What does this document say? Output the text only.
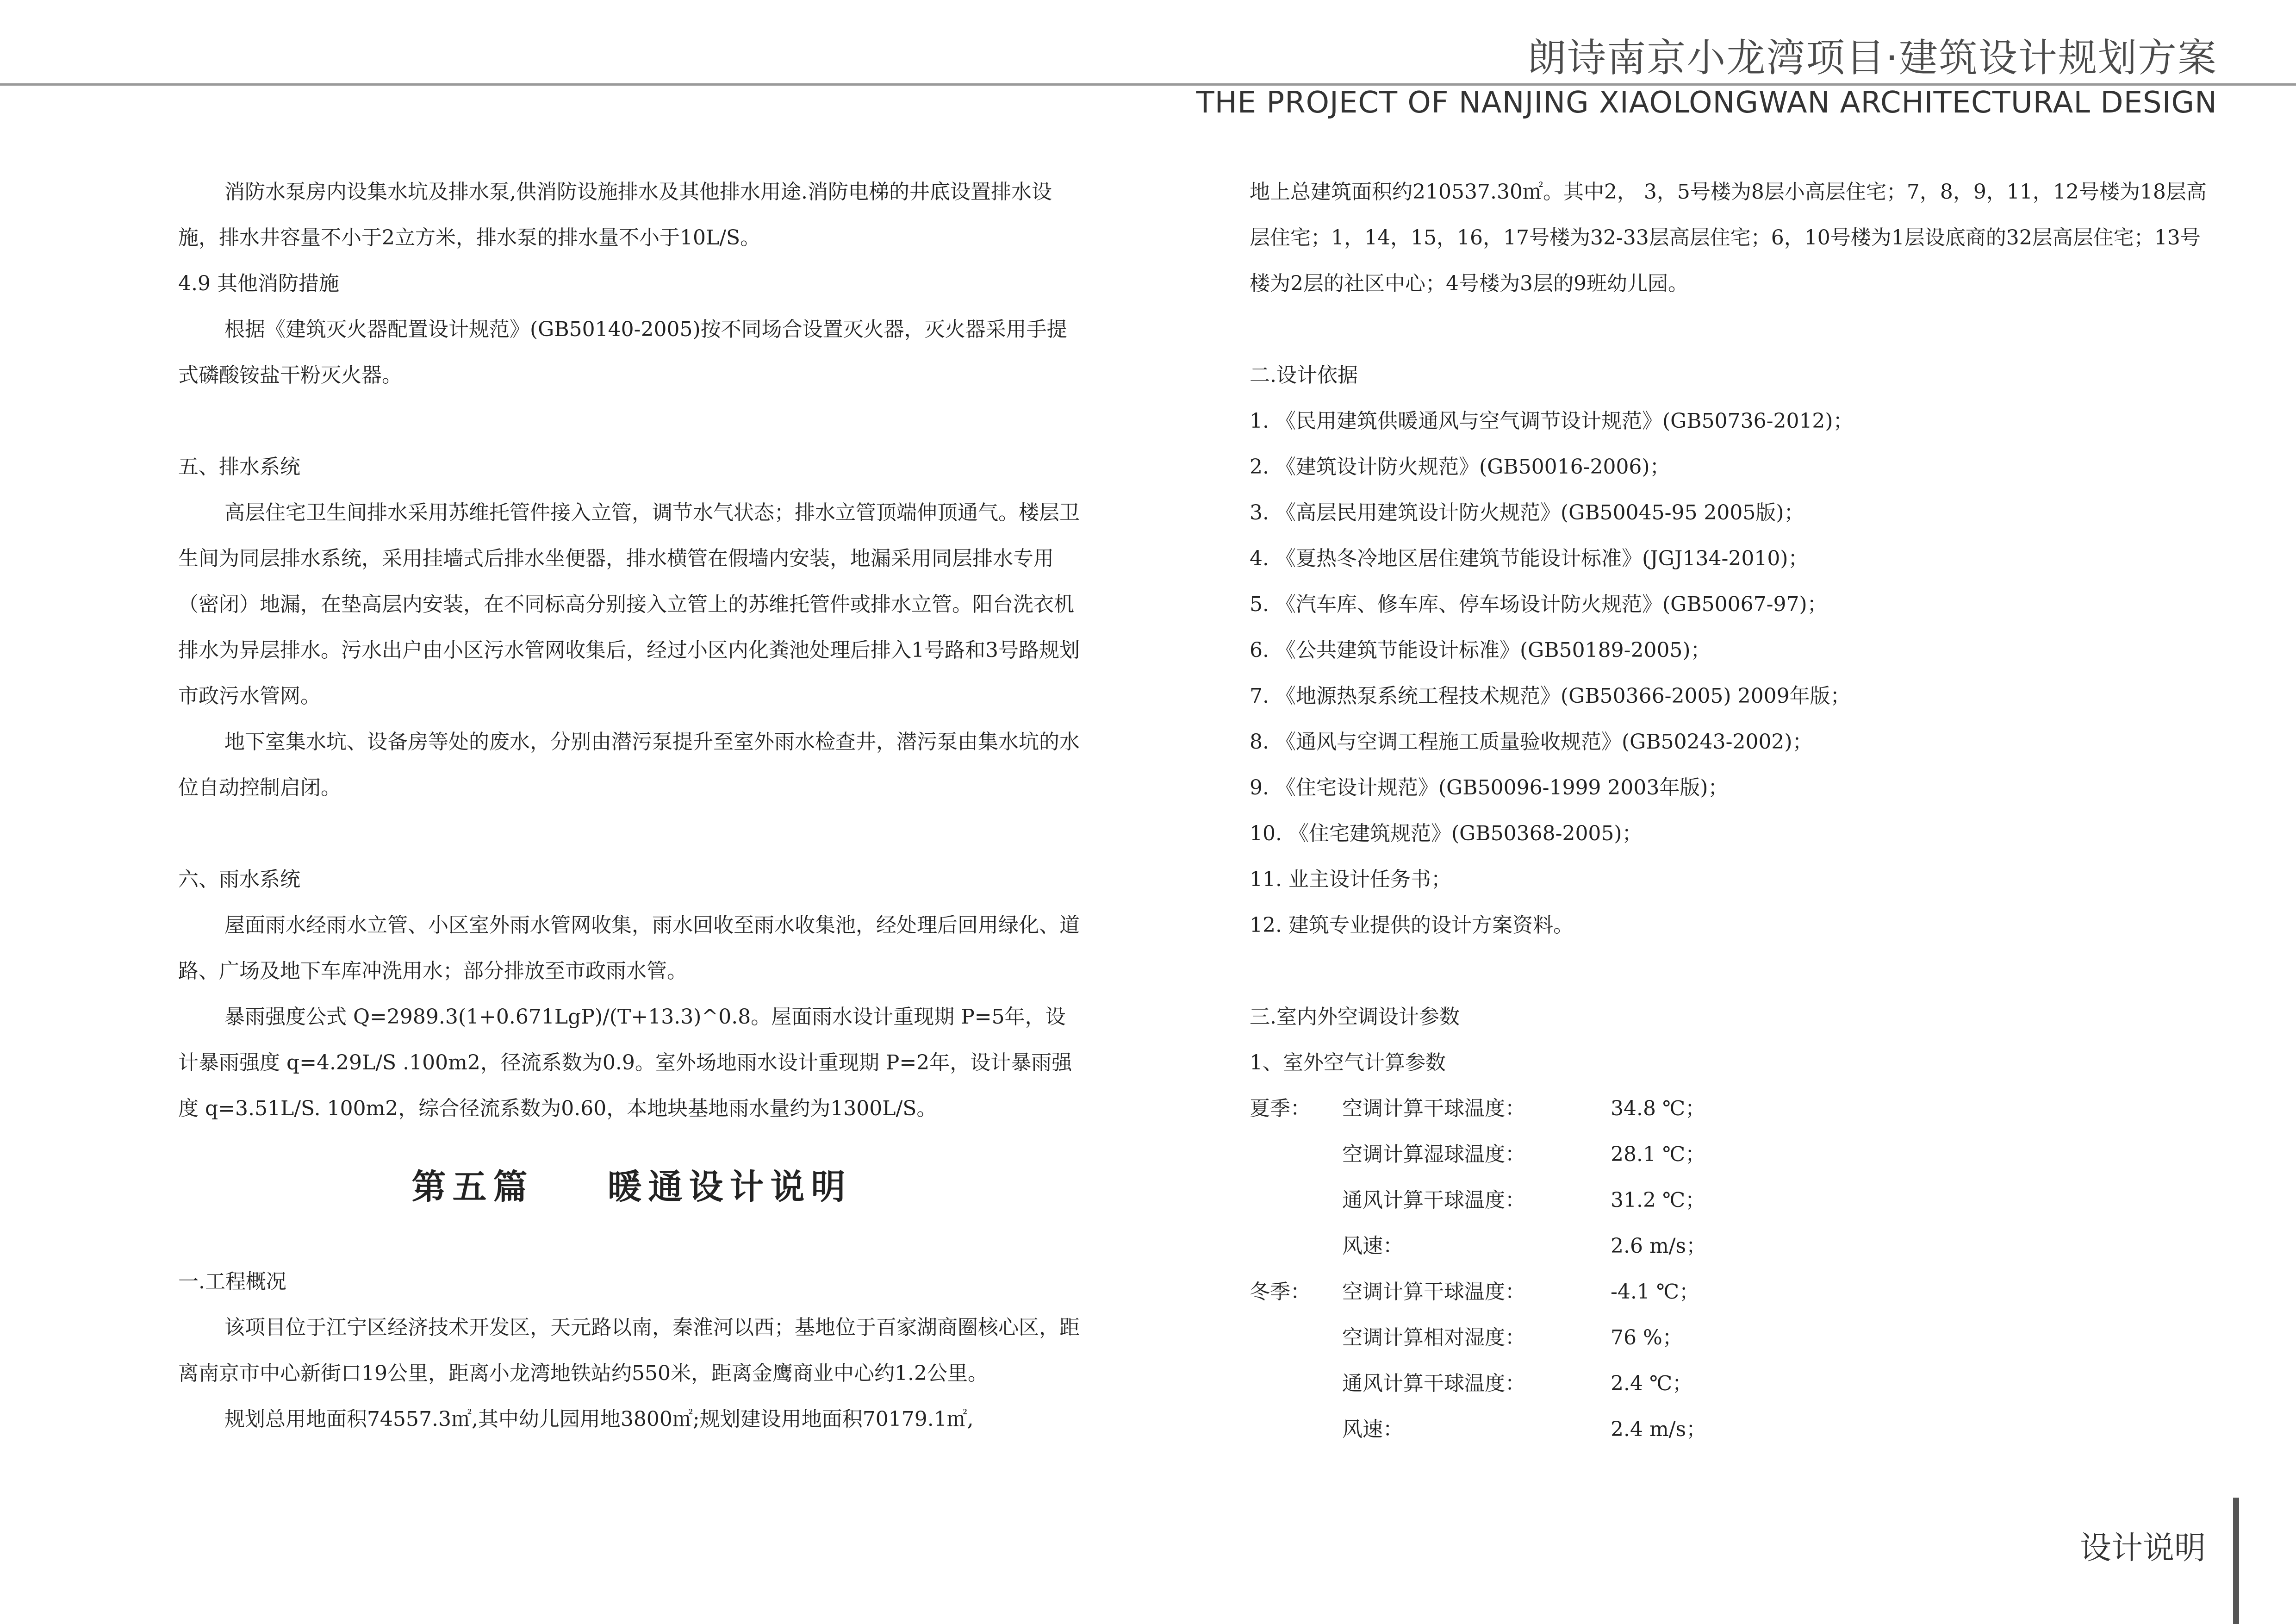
朗诗南京小龙湾项目·建筑设计规划方案
THE PROJECT OF NANJING XIAOLONGWAN ARCHITECTURAL DESIGN

消防水泵房内设集水坑及排水泵,供消防设施排水及其他排水用途.消防电梯的井底设置排水设施，排水井容量不小于2立方米，排水泵的排水量不小于10L/S。

4.9 其他消防措施

根据《建筑灭火器配置设计规范》(GB50140-2005)按不同场合设置灭火器，灭火器采用手提式磷酸铵盐干粉灭火器。

五、排水系统

高层住宅卫生间排水采用苏维托管件接入立管，调节水气状态；排水立管顶端伸顶通气。楼层卫生间为同层排水系统，采用挂墙式后排水坐便器，排水横管在假墙内安装，地漏采用同层排水专用（密闭）地漏，在垫高层内安装，在不同标高分别接入立管上的苏维托管件或排水立管。阳台洗衣机排水为异层排水。污水出户由小区污水管网收集后，经过小区内化粪池处理后排入1号路和3号路规划市政污水管网。

地下室集水坑、设备房等处的废水，分别由潜污泵提升至室外雨水检查井，潜污泵由集水坑的水位自动控制启闭。

六、雨水系统

屋面雨水经雨水立管、小区室外雨水管网收集，雨水回收至雨水收集池，经处理后回用绿化、道路、广场及地下车库冲洗用水；部分排放至市政雨水管。

暴雨强度公式 Q=2989.3(1+0.671LgP)/(T+13.3)^0.8。屋面雨水设计重现期 P=5年，设计暴雨强度 q=4.29L/S .100m2，径流系数为0.9。室外场地雨水设计重现期 P=2年，设计暴雨强度 q=3.51L/S. 100m2，综合径流系数为0.60，本地块基地雨水量约为1300L/S。

第五篇    暖通设计说明

一.工程概况

该项目位于江宁区经济技术开发区，天元路以南，秦淮河以西；基地位于百家湖商圈核心区，距离南京市中心新街口19公里，距离小龙湾地铁站约550米，距离金鹰商业中心约1.2公里。

规划总用地面积74557.3㎡,其中幼儿园用地3800㎡;规划建设用地面积70179.1㎡,

地上总建筑面积约210537.30㎡。其中2， 3，5号楼为8层小高层住宅；7，8，9，11，12号楼为18层高层住宅；1，14，15，16，17号楼为32-33层高层住宅；6，10号楼为1层设底商的32层高层住宅；13号楼为2层的社区中心；4号楼为3层的9班幼儿园。

二.设计依据

1. 《民用建筑供暖通风与空气调节设计规范》(GB50736-2012)；

2. 《建筑设计防火规范》(GB50016-2006)；

3. 《高层民用建筑设计防火规范》(GB50045-95 2005版)；

4. 《夏热冬冷地区居住建筑节能设计标准》(JGJ134-2010)；

5. 《汽车库、修车库、停车场设计防火规范》(GB50067-97)；

6. 《公共建筑节能设计标准》(GB50189-2005)；

7. 《地源热泵系统工程技术规范》(GB50366-2005) 2009年版；

8. 《通风与空调工程施工质量验收规范》(GB50243-2002)；

9. 《住宅设计规范》(GB50096-1999 2003年版)；

10. 《住宅建筑规范》(GB50368-2005)；

11. 业主设计任务书；

12. 建筑专业提供的设计方案资料。

三.室内外空调设计参数

1、室外空气计算参数

夏季：	空调计算干球温度：	34.8 ℃；
空调计算湿球温度：	28.1 ℃；
通风计算干球温度：	31.2 ℃；
风速：	2.6 m/s；
冬季：	空调计算干球温度：	-4.1 ℃；
空调计算相对湿度：	76 %；
通风计算干球温度：	2.4 ℃；
风速：	2.4 m/s；
设计说明
